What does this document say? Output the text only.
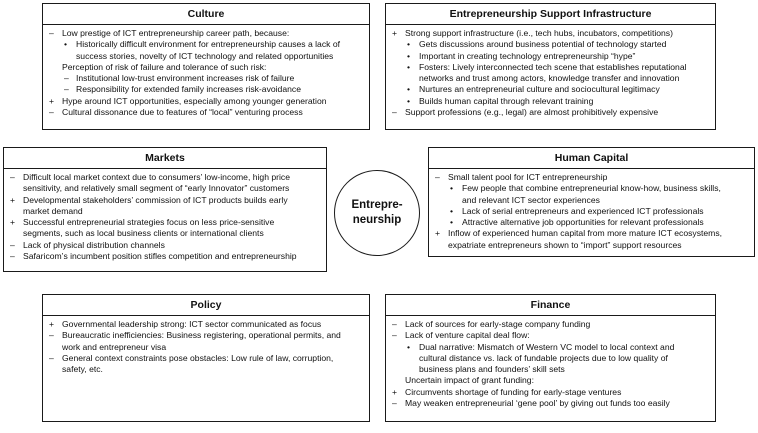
Culture
– Low prestige of ICT entrepreneurship career path, because:
• Historically difficult environment for entrepreneurship causes a lack of
success stories, novelty of ICT technology and related opportunities
Perception of risk of failure and tolerance of such risk:
– Institutional low-trust environment increases risk of failure
– Responsibility for extended family increases risk-avoidance
+ Hype around ICT opportunities, especially among younger generation
– Cultural dissonance due to features of “local” venturing process
Entrepreneurship Support Infrastructure
+ Strong support infrastructure (i.e., tech hubs, incubators, competitions)
• Gets discussions around business potential of technology started
• Important in creating technology entrepreneurship “hype”
• Fosters: Lively interconnected tech scene that establishes reputational
networks and trust among actors, knowledge transfer and innovation
• Nurtures an entrepreneurial culture and sociocultural legitimacy
• Builds human capital through relevant training
– Support professions (e.g., legal) are almost prohibitively expensive
Markets
– Difficult local market context due to consumers’ low-income, high price
sensitivity, and relatively small segment of “early Innovator” customers
+ Developmental stakeholders’ commission of ICT products builds early
market demand
+ Successful entrepreneurial strategies focus on less price-sensitive
segments, such as local business clients or international clients
– Lack of physical distribution channels
– Safaricom’s incumbent position stifles competition and entrepreneurship
Entrepre-
neurship
Human Capital
– Small talent pool for ICT entrepreneurship
• Few people that combine entrepreneurial know-how, business skills,
and relevant ICT sector experiences
• Lack of serial entrepreneurs and experienced ICT professionals
• Attractive alternative job opportunities for relevant professionals
+ Inflow of experienced human capital from more mature ICT ecosystems,
expatriate entrepreneurs shown to “import” support resources
Policy
+ Governmental leadership strong: ICT sector communicated as focus
– Bureaucratic inefficiencies: Business registering, operational permits, and
work and entrepreneur visa
– General context constraints pose obstacles: Low rule of law, corruption,
safety, etc.
Finance
– Lack of sources for early-stage company funding
– Lack of venture capital deal flow:
• Dual narrative: Mismatch of Western VC model to local context and
cultural distance vs. lack of fundable projects due to low quality of
business plans and founders’ skill sets
Uncertain impact of grant funding:
+ Circumvents shortage of funding for early-stage ventures
– May weaken entrepreneurial ‘gene pool’ by giving out funds too easily
